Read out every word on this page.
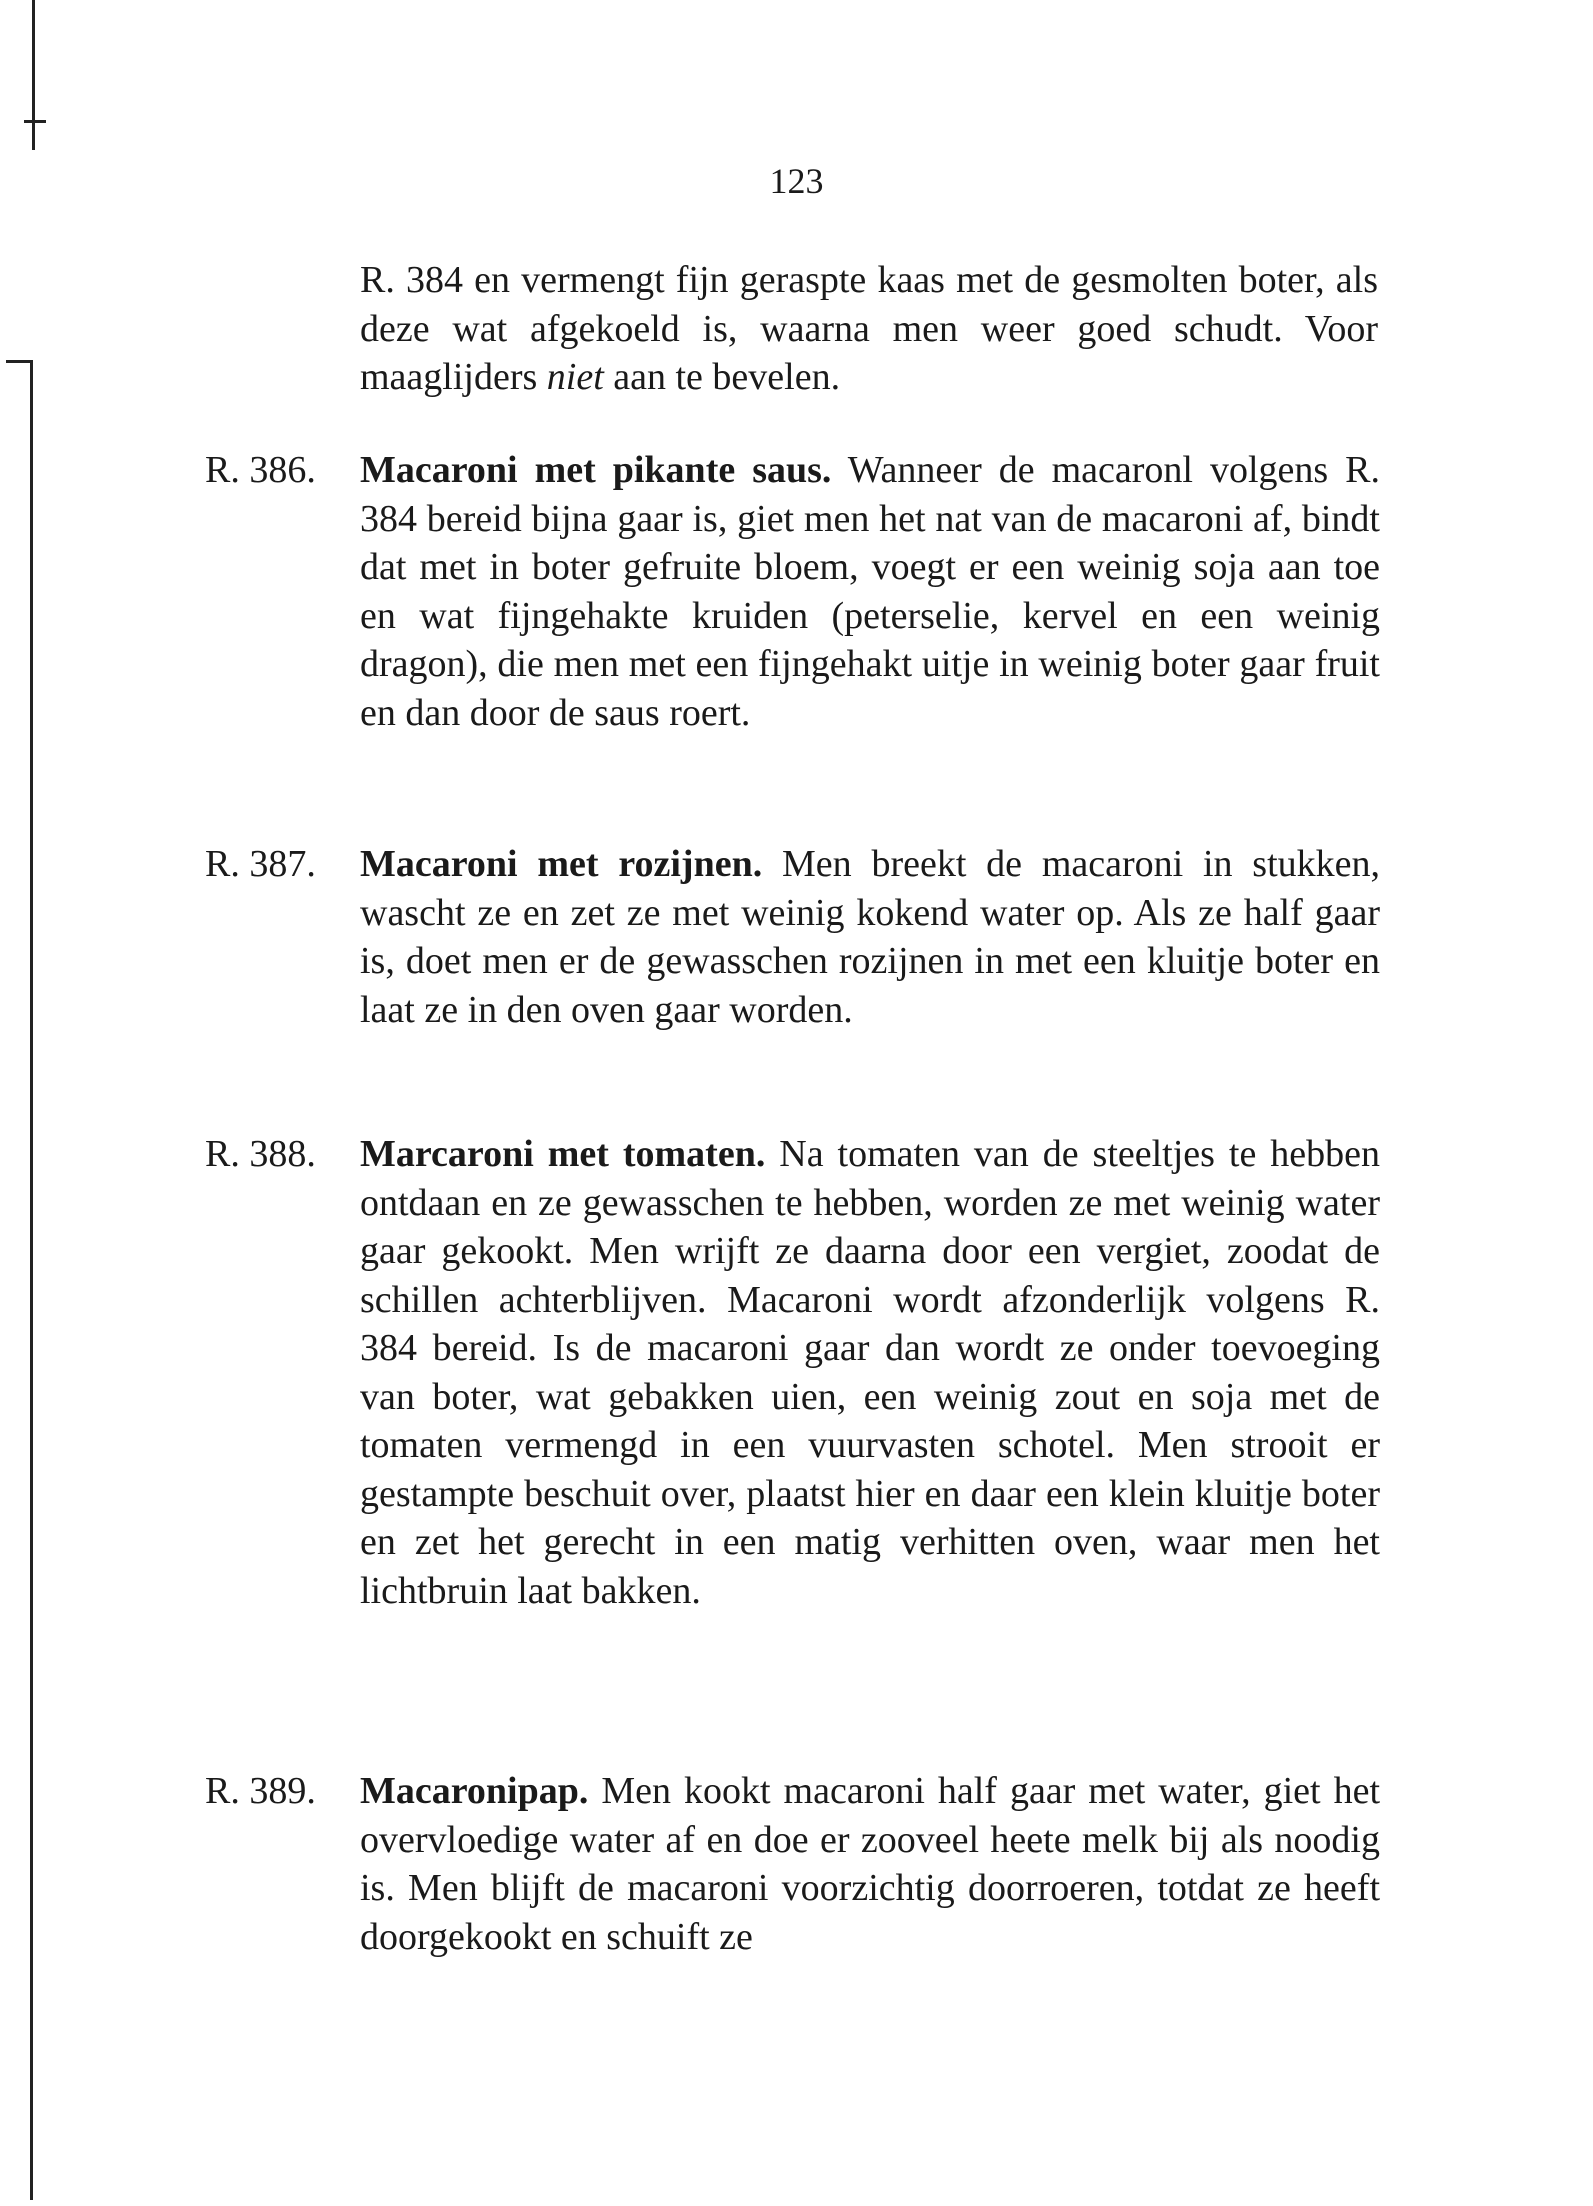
123
R. 384 en vermengt fijn geraspte kaas met de gesmolten boter, als deze wat afgekoeld is, waarna men weer goed schudt. Voor maaglijders niet aan te bevelen.
R. 386.	Macaroni met pikante saus. Wanneer de macaronl volgens R. 384 bereid bijna gaar is, giet men het nat van de macaroni af, bindt dat met in boter gefruite bloem, voegt er een weinig soja aan toe en wat fijngehakte kruiden (peterselie, kervel en een weinig dragon), die men met een fijngehakt uitje in weinig boter gaar fruit en dan door de saus roert.
R. 387.	Macaroni met rozijnen. Men breekt de macaroni in stukken, wascht ze en zet ze met weinig kokend water op. Als ze half gaar is, doet men er de gewasschen rozijnen in met een kluitje boter en laat ze in den oven gaar worden.
R. 388.	Marcaroni met tomaten. Na tomaten van de steeltjes te hebben ontdaan en ze gewasschen te hebben, worden ze met weinig water gaar gekookt. Men wrijft ze daarna door een vergiet, zoodat de schillen achterblijven. Macaroni wordt afzonderlijk volgens R. 384 bereid. Is de macaroni gaar dan wordt ze onder toevoeging van boter, wat gebakken uien, een weinig zout en soja met de tomaten vermengd in een vuurvasten schotel. Men strooit er gestampte beschuit over, plaatst hier en daar een klein kluitje boter en zet het gerecht in een matig verhitten oven, waar men het lichtbruin laat bakken.
R. 389.	Macaronipap. Men kookt macaroni half gaar met water, giet het overvloedige water af en doe er zooveel heete melk bij als noodig is. Men blijft de macaroni voorzichtig doorroeren, totdat ze heeft doorgekookt en schuift ze
